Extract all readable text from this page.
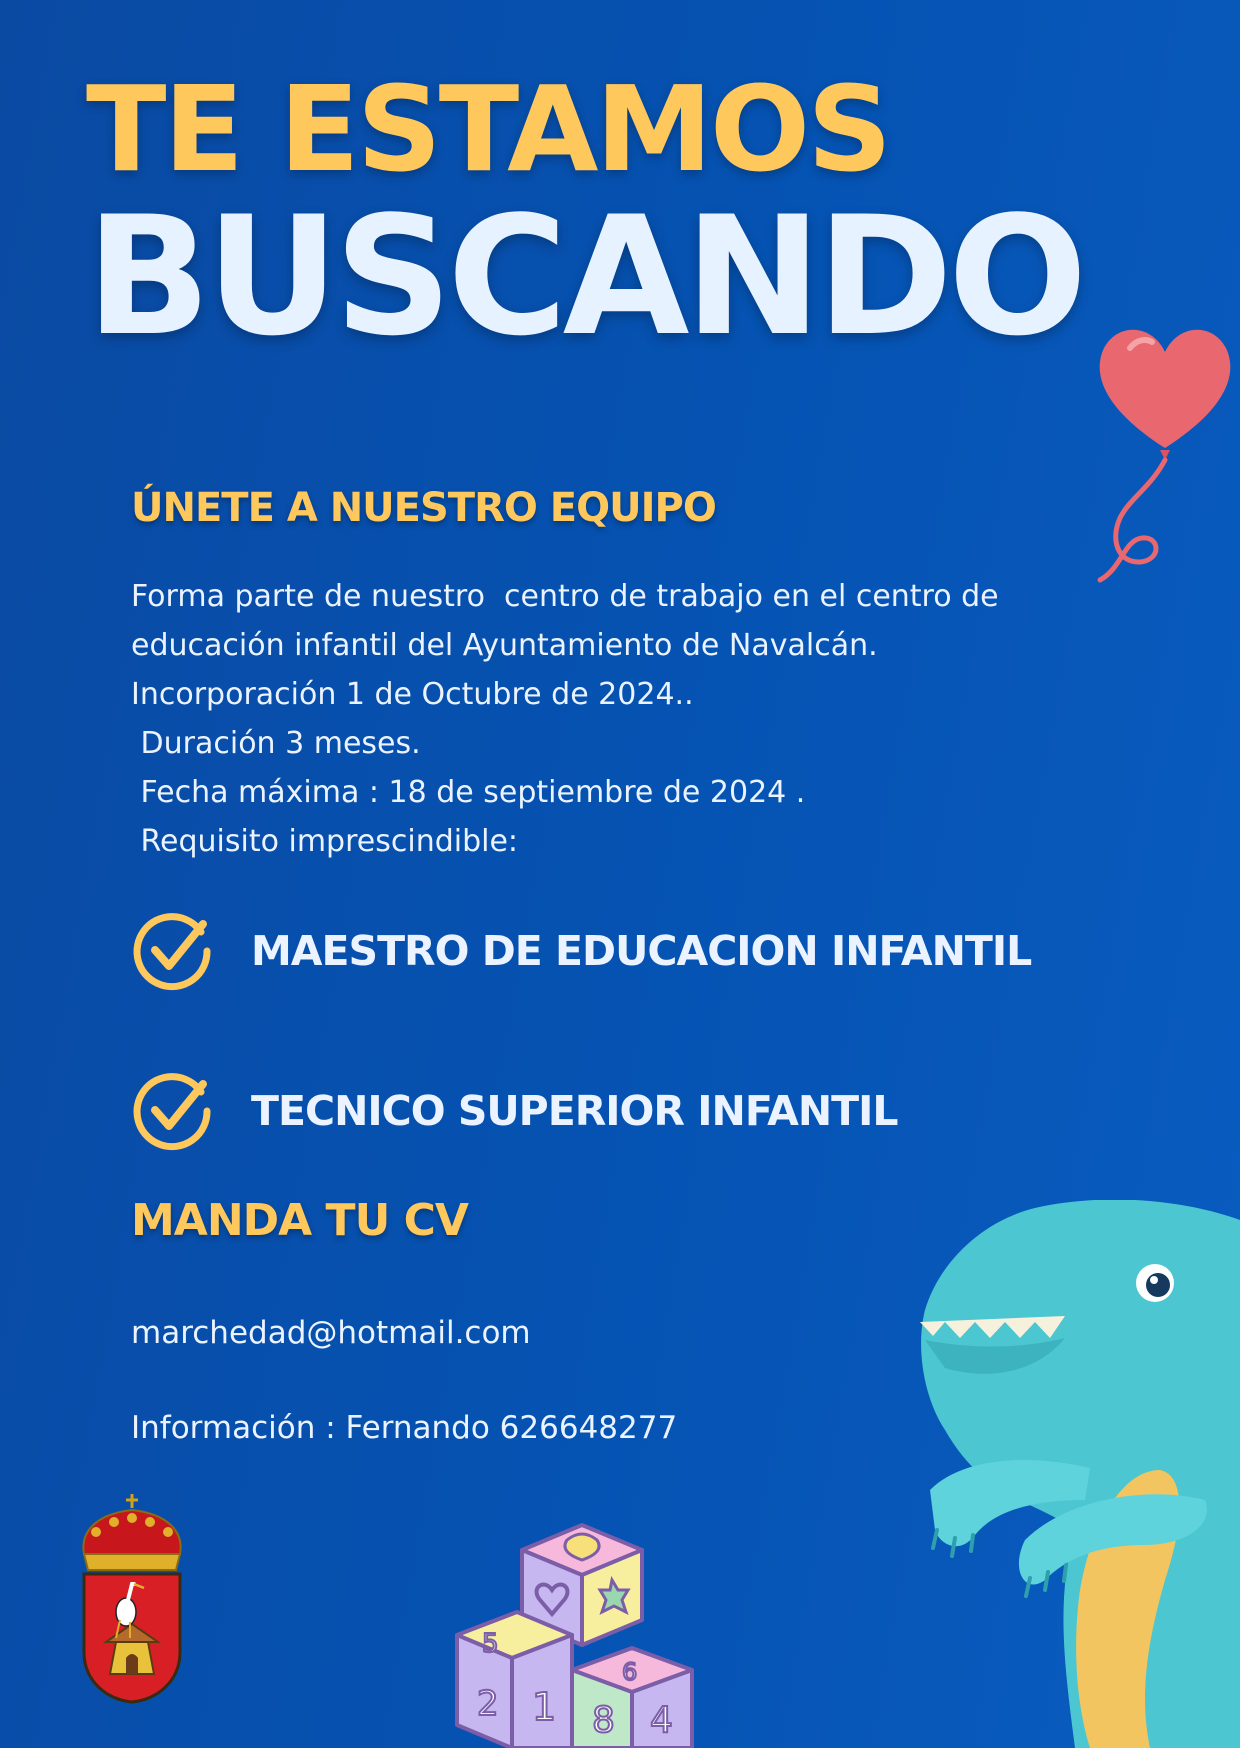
TE ESTAMOS
BUSCANDO
ÚNETE A NUESTRO EQUIPO

Forma parte de nuestro  centro de trabajo en el centro de

educación infantil del Ayuntamiento de Navalcán.

Incorporación 1 de Octubre de 2024..

Duración 3 meses.

Fecha máxima : 18 de septiembre de 2024 .

Requisito imprescindible:

MAESTRO DE EDUCACION INFANTIL
TECNICO SUPERIOR INFANTIL
MANDA TU CV

marchedad@hotmail.com

Información : Fernando 626648277

2 1 8 4
5
6
